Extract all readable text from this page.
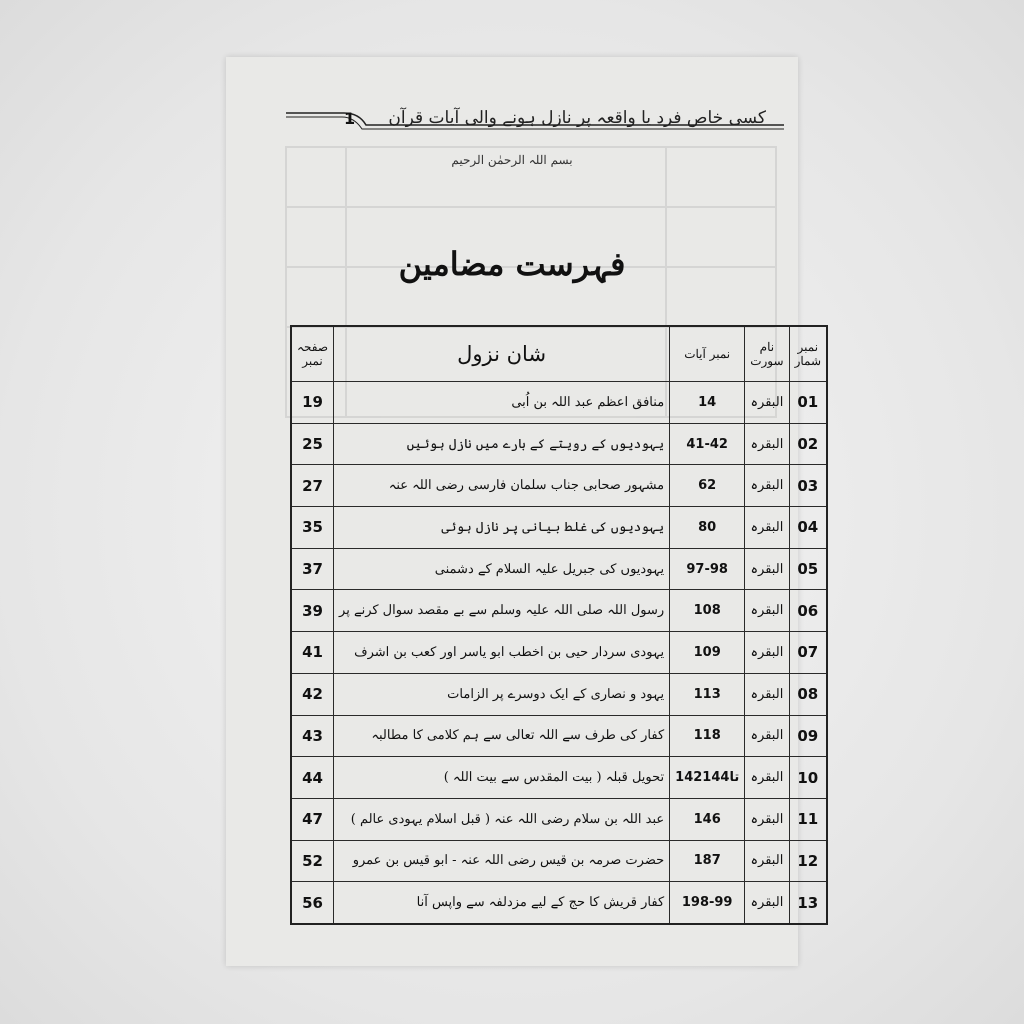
1 کسی خاص فرد یا واقعہ پر نازل ہونے والی آیات قرآن
بسم اللہ الرحمٰن الرحیم
فہرست مضامین
نمبر شمار	نام سورت	نمبر آیات	شان نزول	صفحہ نمبر
01	البقرہ	14	منافق اعظم عبد اللہ بن اُبی	19
02	البقرہ	41-42	یہودیوں کے رویتے کے بارے میں نازل ہوئیں	25
03	البقرہ	62	مشہور صحابی جناب سلمان فارسی رضی اللہ عنہ	27
04	البقرہ	80	یہودیوں کی غلط بیانی پر نازل ہوئی	35
05	البقرہ	97-98	یہودیوں کی جبریل علیہ السلام کے دشمنی	37
06	البقرہ	108	رسول اللہ صلی اللہ علیہ وسلم سے بے مقصد سوال کرنے پر	39
07	البقرہ	109	یہودی سردار حیی بن اخطب ابو یاسر اور کعب بن اشرف	41
08	البقرہ	113	یہود و نصاری کے ایک دوسرے پر الزامات	42
09	البقرہ	118	کفار کی طرف سے اللہ تعالی سے ہم کلامی کا مطالبہ	43
10	البقرہ	142تا144	تحویل قبلہ ( بیت المقدس سے بیت اللہ )	44
11	البقرہ	146	عبد اللہ بن سلام رضی اللہ عنہ ( قبل اسلام یہودی عالم )	47
12	البقرہ	187	حضرت صرمہ بن قیس رضی اللہ عنہ - ابو قیس بن عمرو	52
13	البقرہ	198-99	کفار قریش کا حج کے لیے مزدلفہ سے واپس آنا	56
